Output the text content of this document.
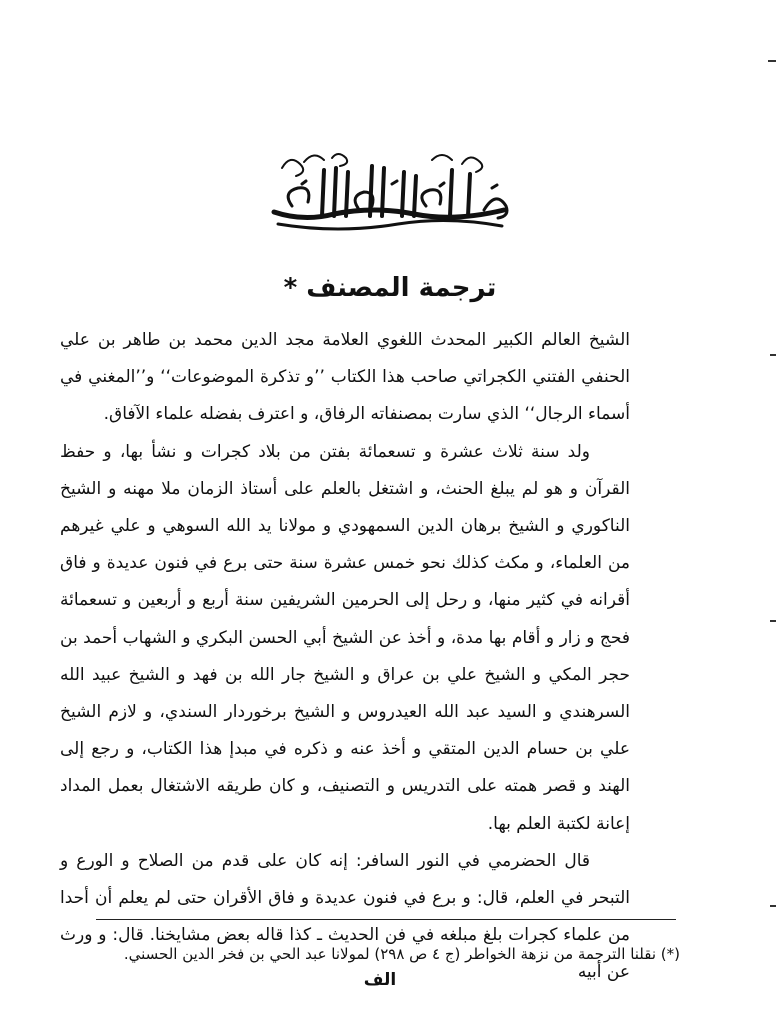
ترجمة المصنف *

الشيخ العالم الكبير المحدث اللغوي العلامة مجد الدين محمد بن طاهر بن علي الحنفي الفتني الكجراتي صاحب هذا الكتاب ’’و تذكرة الموضوعات‘‘ و’’المغني في أسماء الرجال‘‘ الذي سارت بمصنفاته الرفاق، و اعترف بفضله علماء الآفاق.

ولد سنة ثلاث عشرة و تسعمائة بفتن من بلاد كجرات و نشأ بها، و حفظ القرآن و هو لم يبلغ الحنث، و اشتغل بالعلم على أستاذ الزمان ملا مهنه و الشيخ الناكوري و الشيخ برهان الدين السمهودي و مولانا يد الله السوهي و علي غيرهم من العلماء، و مكث كذلك نحو خمس عشرة سنة حتى برع في فنون عديدة و فاق أقرانه في كثير منها، و رحل إلى الحرمين الشريفين سنة أربع و أربعين و تسعمائة فحج و زار و أقام بها مدة، و أخذ عن الشيخ أبي الحسن البكري و الشهاب أحمد بن حجر المكي و الشيخ علي بن عراق و الشيخ جار الله بن فهد و الشيخ عبيد الله السرهندي و السيد عبد الله العيدروس و الشيخ برخوردار السندي، و لازم الشيخ علي بن حسام الدين المتقي و أخذ عنه و ذكره في مبدإ هذا الكتاب، و رجع إلى الهند و قصر همته على التدريس و التصنيف، و كان طريقه الاشتغال بعمل المداد إعانة لكتبة العلم بها.

قال الحضرمي في النور السافر: إنه كان على قدم من الصلاح و الورع و التبحر في العلم، قال: و برع في فنون عديدة و فاق الأقران حتى لم يعلم أن أحدا من علماء كجرات بلغ مبلغه في فن الحديث ـ كذا قاله بعض مشايخنا. قال: و ورث عن أبيه

(*) نقلنا الترجمة من نزهة الخواطر (ج ٤ ص ٢٩٨) لمولانا عبد الحي بن فخر الدين الحسني.
الف
